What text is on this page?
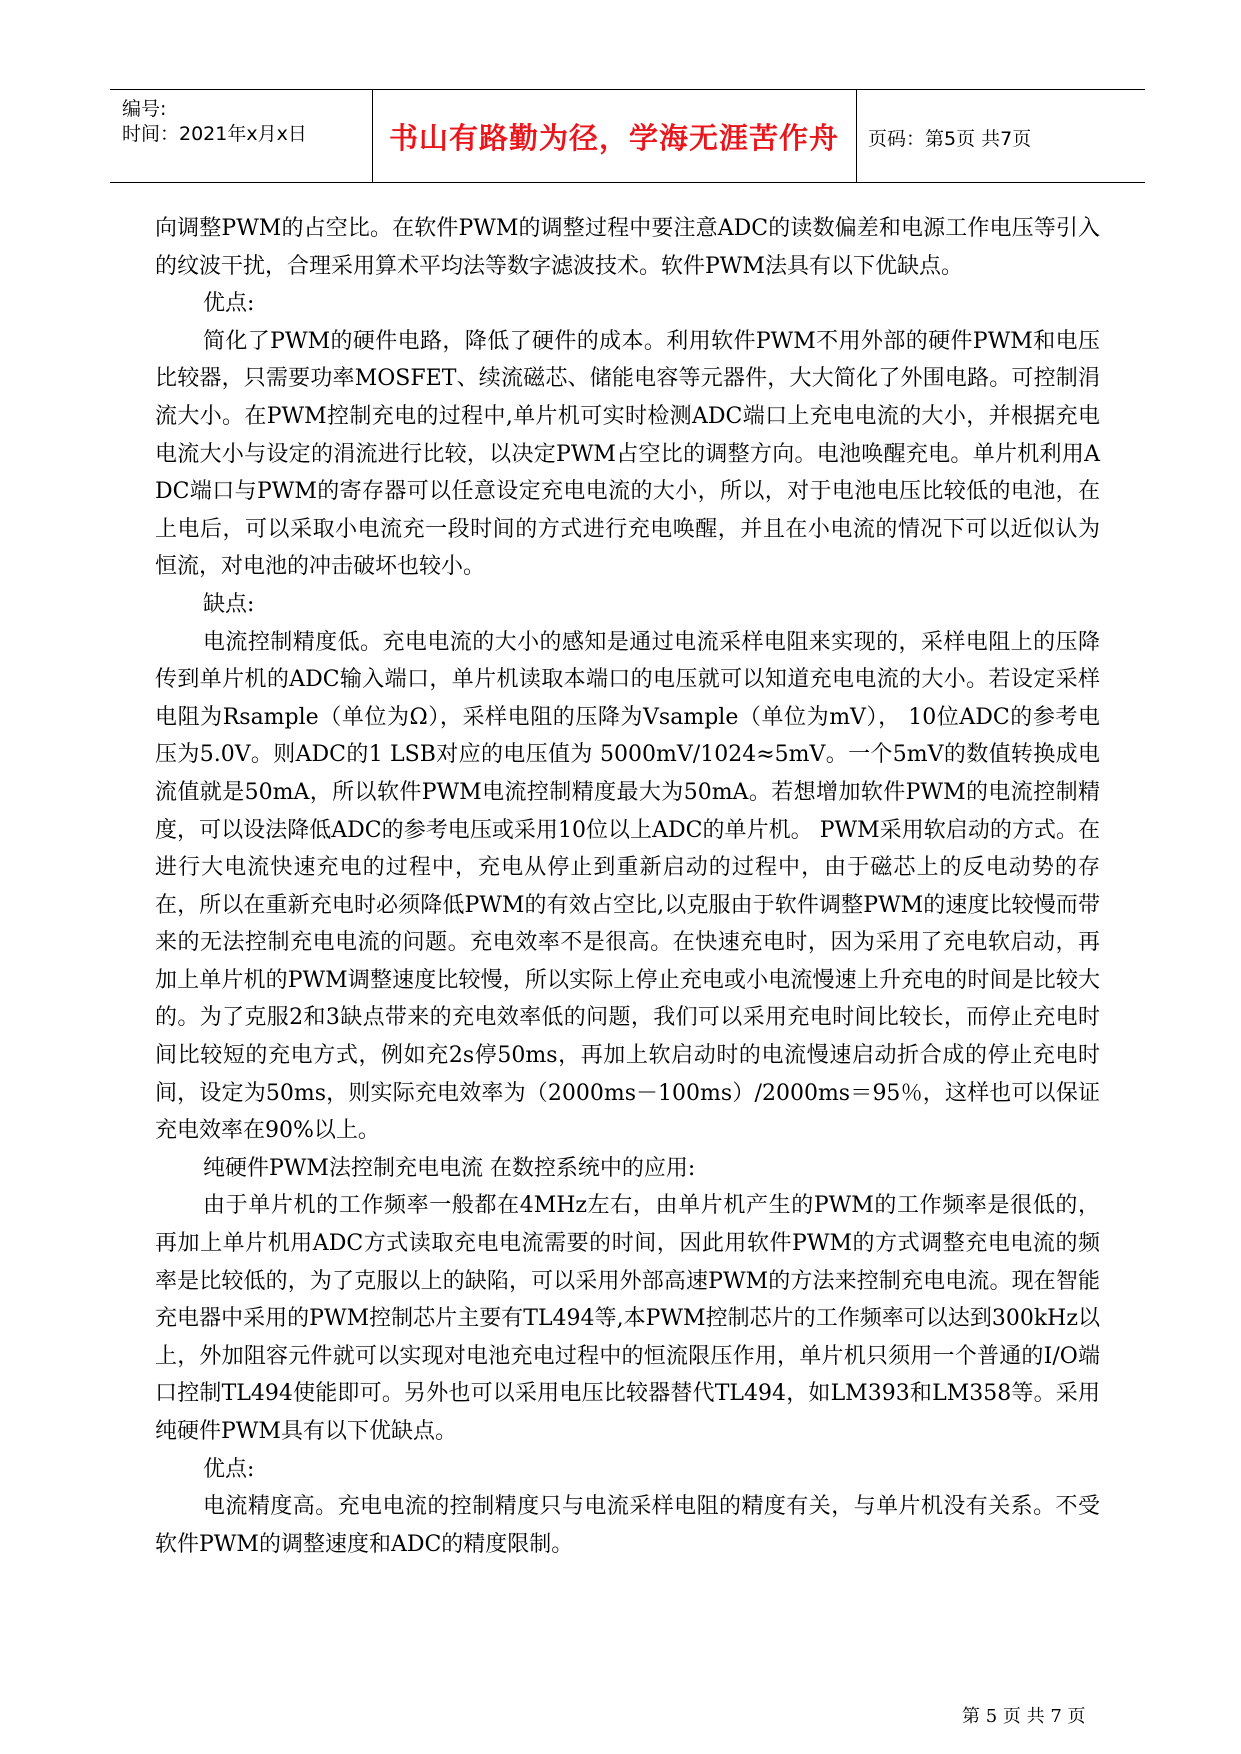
编号:
时间：2021年x月x日	书山有路勤为径，学海无涯苦作舟	页码：第5页 共7页

向调整PWM的占空比。在软件PWM的调整过程中要注意ADC的读数偏差和电源工作电压等引入的纹波干扰，合理采用算术平均法等数字滤波技术。软件PWM法具有以下优缺点。

优点:

简化了PWM的硬件电路，降低了硬件的成本。利用软件PWM不用外部的硬件PWM和电压比较器，只需要功率MOSFET、续流磁芯、储能电容等元器件，大大简化了外围电路。可控制涓流大小。在PWM控制充电的过程中,单片机可实时检测ADC端口上充电电流的大小，并根据充电电流大小与设定的涓流进行比较，以决定PWM占空比的调整方向。电池唤醒充电。单片机利用ADC端口与PWM的寄存器可以任意设定充电电流的大小，所以，对于电池电压比较低的电池，在上电后，可以采取小电流充一段时间的方式进行充电唤醒，并且在小电流的情况下可以近似认为恒流，对电池的冲击破坏也较小。

缺点:

电流控制精度低。充电电流的大小的感知是通过电流采样电阻来实现的，采样电阻上的压降传到单片机的ADC输入端口，单片机读取本端口的电压就可以知道充电电流的大小。若设定采样电阻为Rsample（单位为Ω），采样电阻的压降为Vsample（单位为mV）， 10位ADC的参考电压为5.0V。则ADC的1 LSB对应的电压值为 5000mV/1024≈5mV。一个5mV的数值转换成电流值就是50mA，所以软件PWM电流控制精度最大为50mA。若想增加软件PWM的电流控制精度，可以设法降低ADC的参考电压或采用10位以上ADC的单片机。 PWM采用软启动的方式。在进行大电流快速充电的过程中，充电从停止到重新启动的过程中，由于磁芯上的反电动势的存在，所以在重新充电时必须降低PWM的有效占空比,以克服由于软件调整PWM的速度比较慢而带来的无法控制充电电流的问题。充电效率不是很高。在快速充电时，因为采用了充电软启动，再加上单片机的PWM调整速度比较慢，所以实际上停止充电或小电流慢速上升充电的时间是比较大的。为了克服2和3缺点带来的充电效率低的问题，我们可以采用充电时间比较长，而停止充电时间比较短的充电方式，例如充2s停50ms，再加上软启动时的电流慢速启动折合成的停止充电时间，设定为50ms，则实际充电效率为（2000ms－100ms）/2000ms＝95％，这样也可以保证充电效率在90%以上。

纯硬件PWM法控制充电电流 在数控系统中的应用:

由于单片机的工作频率一般都在4MHz左右，由单片机产生的PWM的工作频率是很低的，再加上单片机用ADC方式读取充电电流需要的时间，因此用软件PWM的方式调整充电电流的频率是比较低的，为了克服以上的缺陷，可以采用外部高速PWM的方法来控制充电电流。现在智能充电器中采用的PWM控制芯片主要有TL494等,本PWM控制芯片的工作频率可以达到300kHz以上，外加阻容元件就可以实现对电池充电过程中的恒流限压作用，单片机只须用一个普通的I/O端口控制TL494使能即可。另外也可以采用电压比较器替代TL494，如LM393和LM358等。采用纯硬件PWM具有以下优缺点。

优点:

电流精度高。充电电流的控制精度只与电流采样电阻的精度有关，与单片机没有关系。不受软件PWM的调整速度和ADC的精度限制。

第 5 页 共 7 页
